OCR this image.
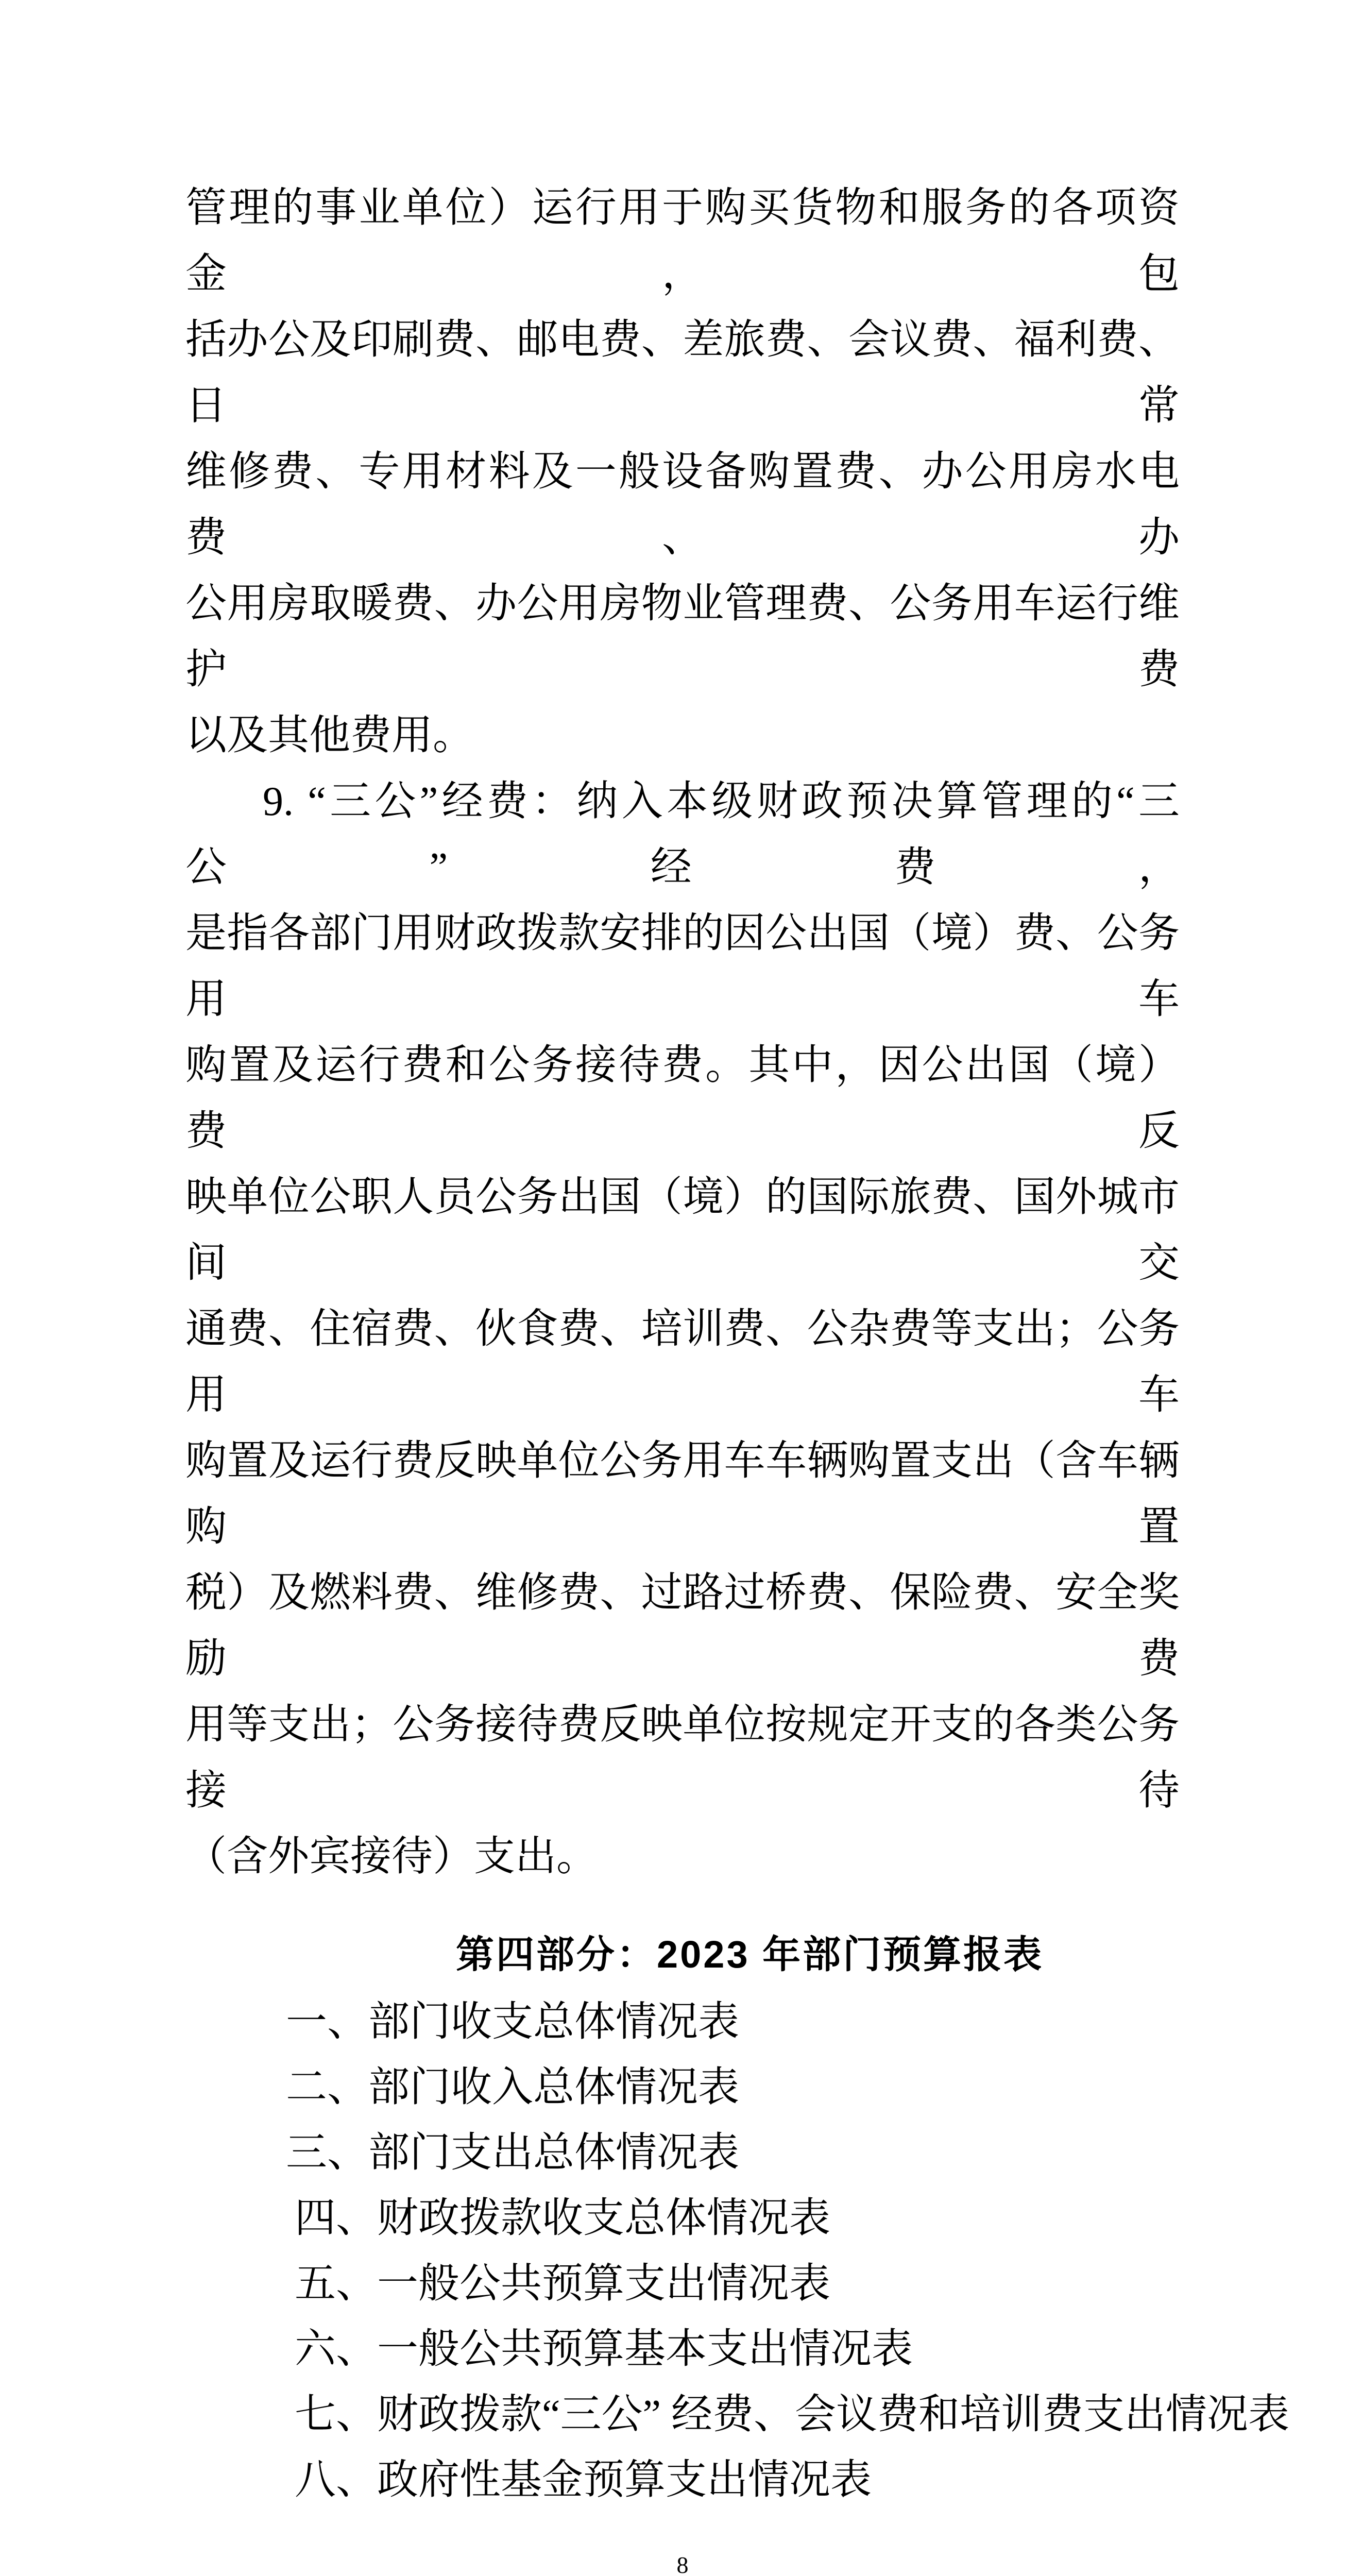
管理的事业单位）运行用于购买货物和服务的各项资金，包
括办公及印刷费、邮电费、差旅费、会议费、福利费、日常
维修费、专用材料及一般设备购置费、办公用房水电费、办
公用房取暖费、办公用房物业管理费、公务用车运行维护费
以及其他费用。
9. “三公”经费：纳入本级财政预决算管理的“三公”经费，
是指各部门用财政拨款安排的因公出国（境）费、公务用车
购置及运行费和公务接待费。其中，因公出国（境） 费反
映单位公职人员公务出国（境）的国际旅费、国外城市间交
通费、住宿费、伙食费、培训费、公杂费等支出；公务用车
购置及运行费反映单位公务用车车辆购置支出（含车辆购置
税）及燃料费、维修费、过路过桥费、保险费、安全奖励费
用等支出；公务接待费反映单位按规定开支的各类公务接待
（含外宾接待）支出。
第四部分：2023 年部门预算报表
一、部门收支总体情况表
二、部门收入总体情况表
三、部门支出总体情况表
四、财政拨款收支总体情况表
五、一般公共预算支出情况表
六、一般公共预算基本支出情况表
七、财政拨款“三公” 经费、会议费和培训费支出情况表
八、政府性基金预算支出情况表
8
